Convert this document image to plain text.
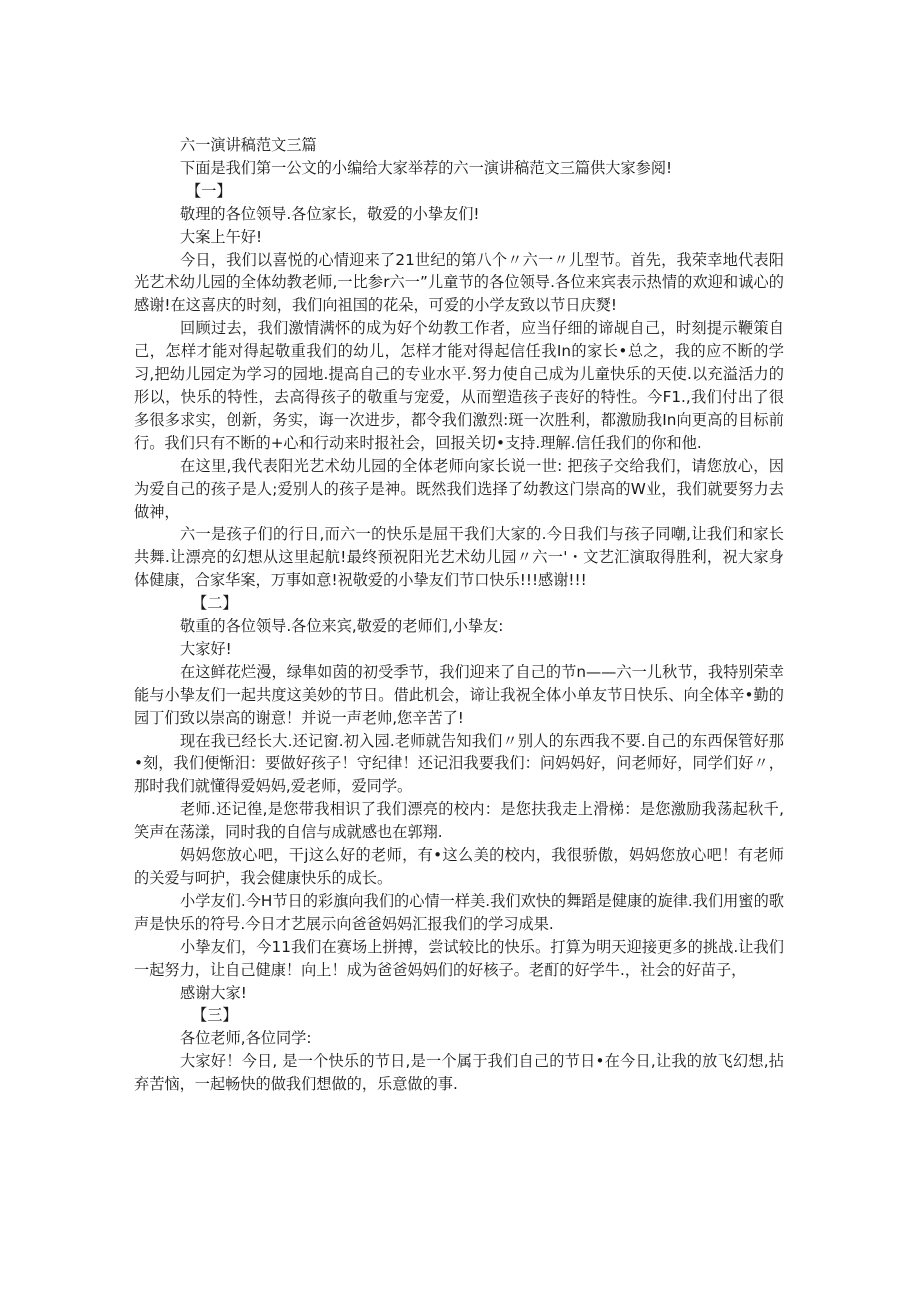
六一演讲稿范文三篇

下面是我们第一公文的小编给大家举荐的六一演讲稿范文三篇供大家参阅!

【一】

敬理的各位领导.各位家长，敬爱的小挚友们!

大案上午好!

今日，我们以喜悦的心情迎来了21世纪的第八个〃六一〃儿型节。首先，我荣幸地代表阳光艺术幼儿园的全体幼教老师,一比参r六一”儿童节的各位领导.各位来宾表示热情的欢迎和诚心的感谢!在这喜庆的时刻，我们向祖国的花朵，可爱的小学友致以节日庆燹!

回顾过去，我们激情满怀的成为好个幼教工作者，应当仔细的谛觇自己，时刻提示鞭策自己，怎样才能对得起敬重我们的幼儿，怎样才能对得起信任我In的家长•总之，我的应不断的学习,把幼儿园定为学习的园地.提高自己的专业水平.努力使自己成为儿童快乐的天使.以充溢活力的形以，快乐的特性，去高得孩子的敬重与宠爱，从而塑造孩子丧好的特性。今F1.,我们付出了很多很多求实，创新，务实，诲一次进步，都令我们激烈:斑一次胜利，都激励我In向更高的目标前行。我们只有不断的+心和行动来时报社会，回报关切•支持.理解.信任我们的你和他.

在这里,我代表阳光艺术幼儿园的全体老师向家长说一世: 把孩子交给我们，请您放心，因为爱自己的孩子是人;爱别人的孩子是神。既然我们选择了幼教这门崇高的W业，我们就要努力去做神，

六一是孩子们的行日,而六一的快乐是屈干我们大家的.今日我们与孩子同嘲,让我们和家长共舞.让漂亮的幻想从这里起航!最终预祝阳光艺术幼儿园〃六一'・文艺汇演取得胜利，祝大家身体健康，合家华案，万事如意!祝敬爱的小挚友们节口快乐!!!感谢!!!

【二】

敬重的各位领导.各位来宾,敬爱的老师们,小挚友:

大家好!

在这鲜花烂漫，绿隼如茵的初受季节，我们迎来了自己的节n——六一儿秋节，我特别荣幸能与小挚友们一起共度这美妙的节日。借此机会，谛让我祝全体小单友节日快乐、向全体辛•勤的园丁们致以崇高的谢意！并说一声老帅,您辛苦了!

现在我已经长大.还记窗.初入园.老师就告知我们〃别人的东西我不要.自己的东西保管好那•刻，我们便惭汨：要做好孩子！守纪律！还记汨我要我们：问妈妈好，问老师好，同学们好〃，那时我们就懂得爱妈妈,爱老师，爱同学。

老师.还记徨,是您带我相识了我们漂亮的校内：是您扶我走上滑梯：是您激励我荡起秋千,笑声在荡漾，同时我的自信与成就感也在郭翔.

妈妈您放心吧，干j这么好的老师，有•这么美的校内，我很骄傲，妈妈您放心吧！有老师的关爱与呵护，我会健康快乐的成长。

小学友们.今H节日的彩旗向我们的心情一样美.我们欢快的舞蹈是健康的旋律.我们用蜜的歌声是快乐的符号.今日才艺展示向爸爸妈妈汇报我们的学习成果.

小挚友们，今11我们在赛场上拼搏，尝试较比的快乐。打算为明天迎接更多的挑战.让我们一起努力，让自己健康！向上！成为爸爸妈妈们的好核子。老酊的好学牛.，社会的好苗子，

感谢大家!

【三】

各位老师,各位同学:

大家好！今日, 是一个快乐的节日,是一个属于我们自己的节日•在今日,让我的放飞幻想,拈弃苦恼，一起畅快的做我们想做的，乐意做的事.
